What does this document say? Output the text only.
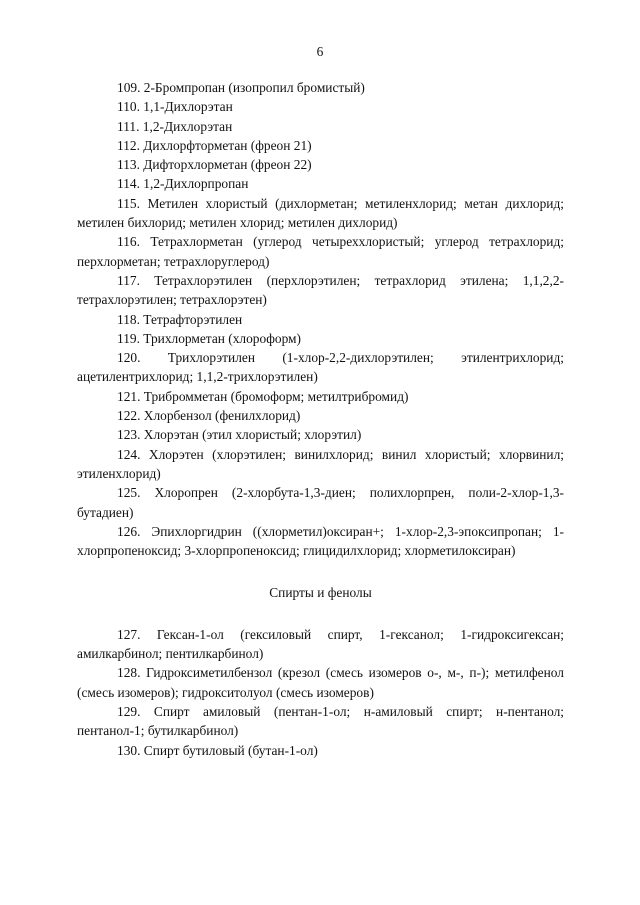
6

109. 2-Бромпропан (изопропил бромистый)

110. 1,1-Дихлорэтан

111. 1,2-Дихлорэтан

112. Дихлорфторметан (фреон 21)

113. Дифторхлорметан (фреон 22)

114. 1,2-Дихлорпропан

115. Метилен хлористый (дихлорметан; метиленхлорид; метан дихлорид; метилен бихлорид; метилен хлорид; метилен дихлорид)

116. Тетрахлорметан (углерод четыреххлористый; углерод тетрахлорид; перхлорметан; тетрахлоруглерод)

117. Тетрахлорэтилен (перхлорэтилен; тетрахлорид этилена; 1,1,2,2-тетрахлорэтилен; тетрахлорэтен)

118. Тетрафторэтилен

119. Трихлорметан (хлороформ)

120. Трихлорэтилен (1-хлор-2,2-дихлорэтилен; этилентрихлорид; ацетилентрихлорид; 1,1,2-трихлорэтилен)

121. Трибромметан (бромоформ; метилтрибромид)

122. Хлорбензол (фенилхлорид)

123. Хлорэтан (этил хлористый; хлорэтил)

124. Хлорэтен (хлорэтилен; винилхлорид; винил хлористый; хлорвинил; этиленхлорид)

125. Хлоропрен (2-хлорбута-1,3-диен; полихлорпрен, поли-2-хлор-1,3-бутадиен)

126. Эпихлоргидрин ((хлорметил)оксиран+; 1-хлор-2,3-эпоксипропан; 1-хлорпропеноксид; 3-хлорпропеноксид; глицидилхлорид; хлорметилоксиран)

Спирты и фенолы

127. Гексан-1-ол (гексиловый спирт, 1-гексанол; 1-гидроксигексан; амилкарбинол; пентилкарбинол)

128. Гидроксиметилбензол (крезол (смесь изомеров о-, м-, п-); метилфенол (смесь изомеров); гидрокситолуол (смесь изомеров)

129. Спирт амиловый (пентан-1-ол; н-амиловый спирт; н-пентанол; пентанол-1; бутилкарбинол)

130. Спирт бутиловый (бутан-1-ол)
